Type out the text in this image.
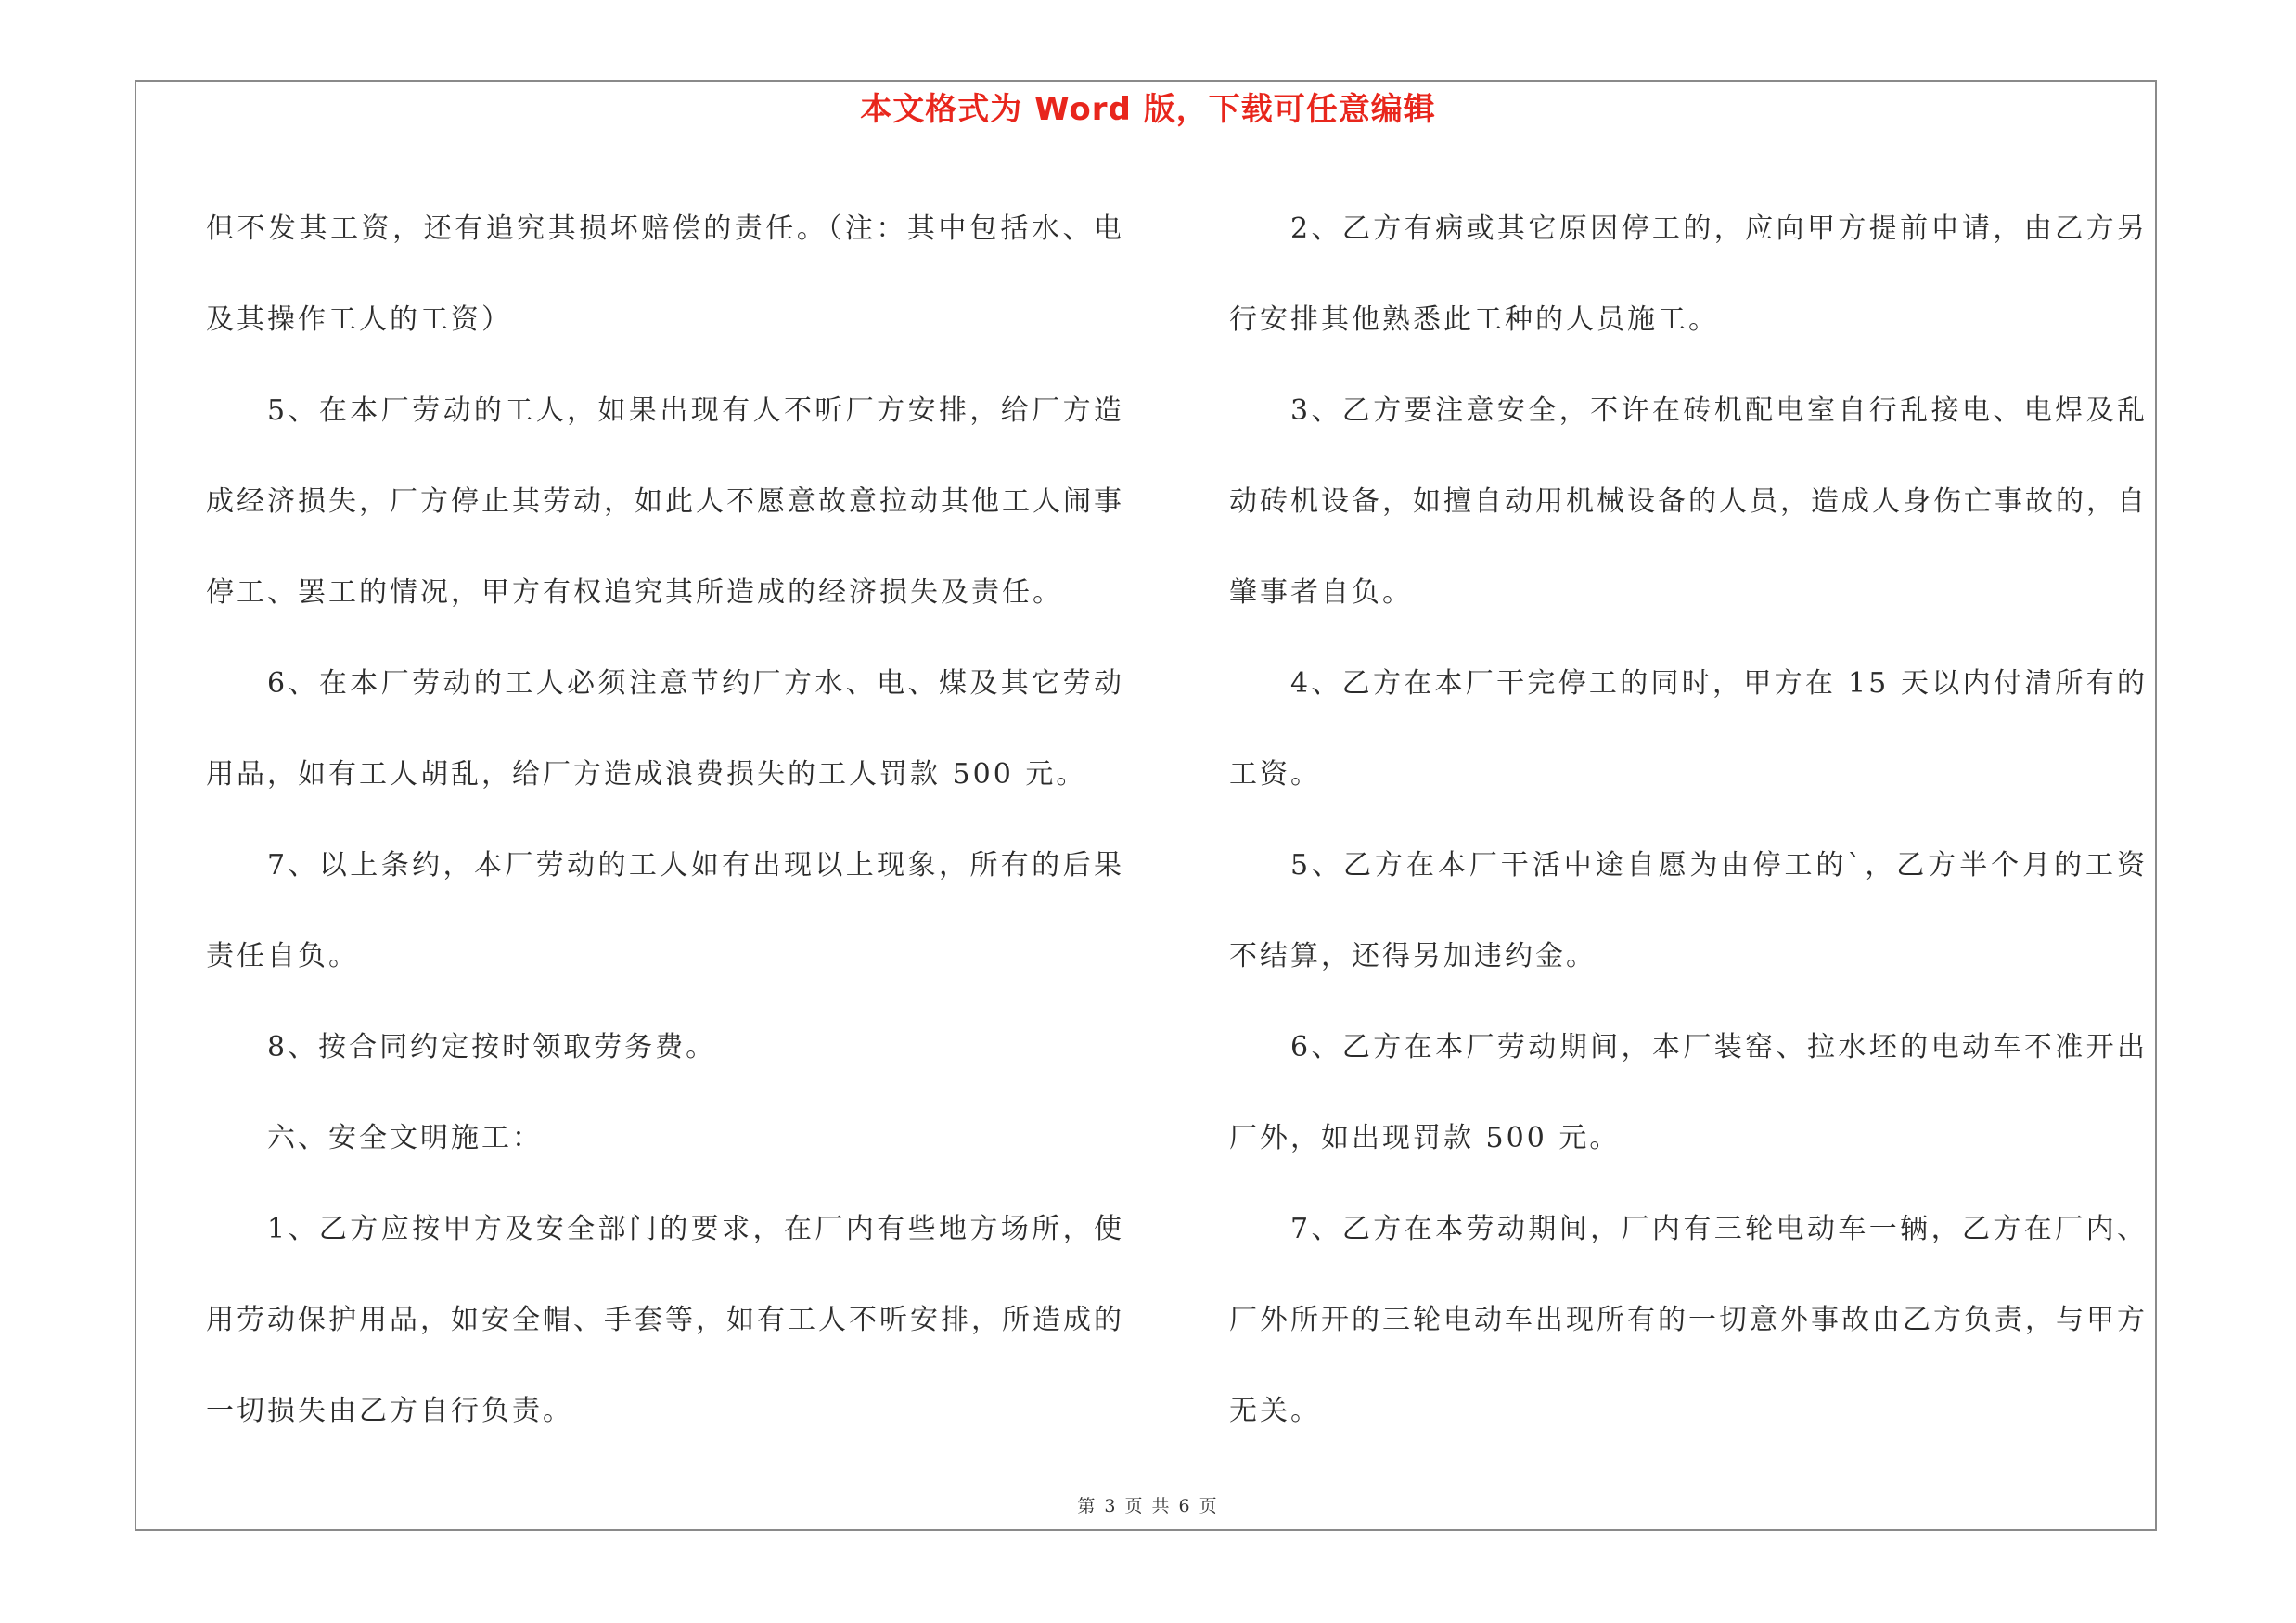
本文格式为 Word 版，下载可任意编辑

但不发其工资，还有追究其损坏赔偿的责任。（注：其中包括水、电及其操作工人的工资）

5、在本厂劳动的工人，如果出现有人不听厂方安排，给厂方造成经济损失，厂方停止其劳动，如此人不愿意故意拉动其他工人闹事停工、罢工的情况，甲方有权追究其所造成的经济损失及责任。

6、在本厂劳动的工人必须注意节约厂方水、电、煤及其它劳动用品，如有工人胡乱，给厂方造成浪费损失的工人罚款 500 元。

7、以上条约，本厂劳动的工人如有出现以上现象，所有的后果责任自负。

8、按合同约定按时领取劳务费。

六、安全文明施工：

1、乙方应按甲方及安全部门的要求，在厂内有些地方场所，使用劳动保护用品，如安全帽、手套等，如有工人不听安排，所造成的一切损失由乙方自行负责。

2、乙方有病或其它原因停工的，应向甲方提前申请，由乙方另行安排其他熟悉此工种的人员施工。

3、乙方要注意安全，不许在砖机配电室自行乱接电、电焊及乱动砖机设备，如擅自动用机械设备的人员，造成人身伤亡事故的，自肇事者自负。

4、乙方在本厂干完停工的同时，甲方在 15 天以内付清所有的工资。

5、乙方在本厂干活中途自愿为由停工的`，乙方半个月的工资不结算，还得另加违约金。

6、乙方在本厂劳动期间，本厂装窑、拉水坯的电动车不准开出厂外，如出现罚款 500 元。

7、乙方在本劳动期间，厂内有三轮电动车一辆，乙方在厂内、厂外所开的三轮电动车出现所有的一切意外事故由乙方负责，与甲方无关。

第 3 页 共 6 页
